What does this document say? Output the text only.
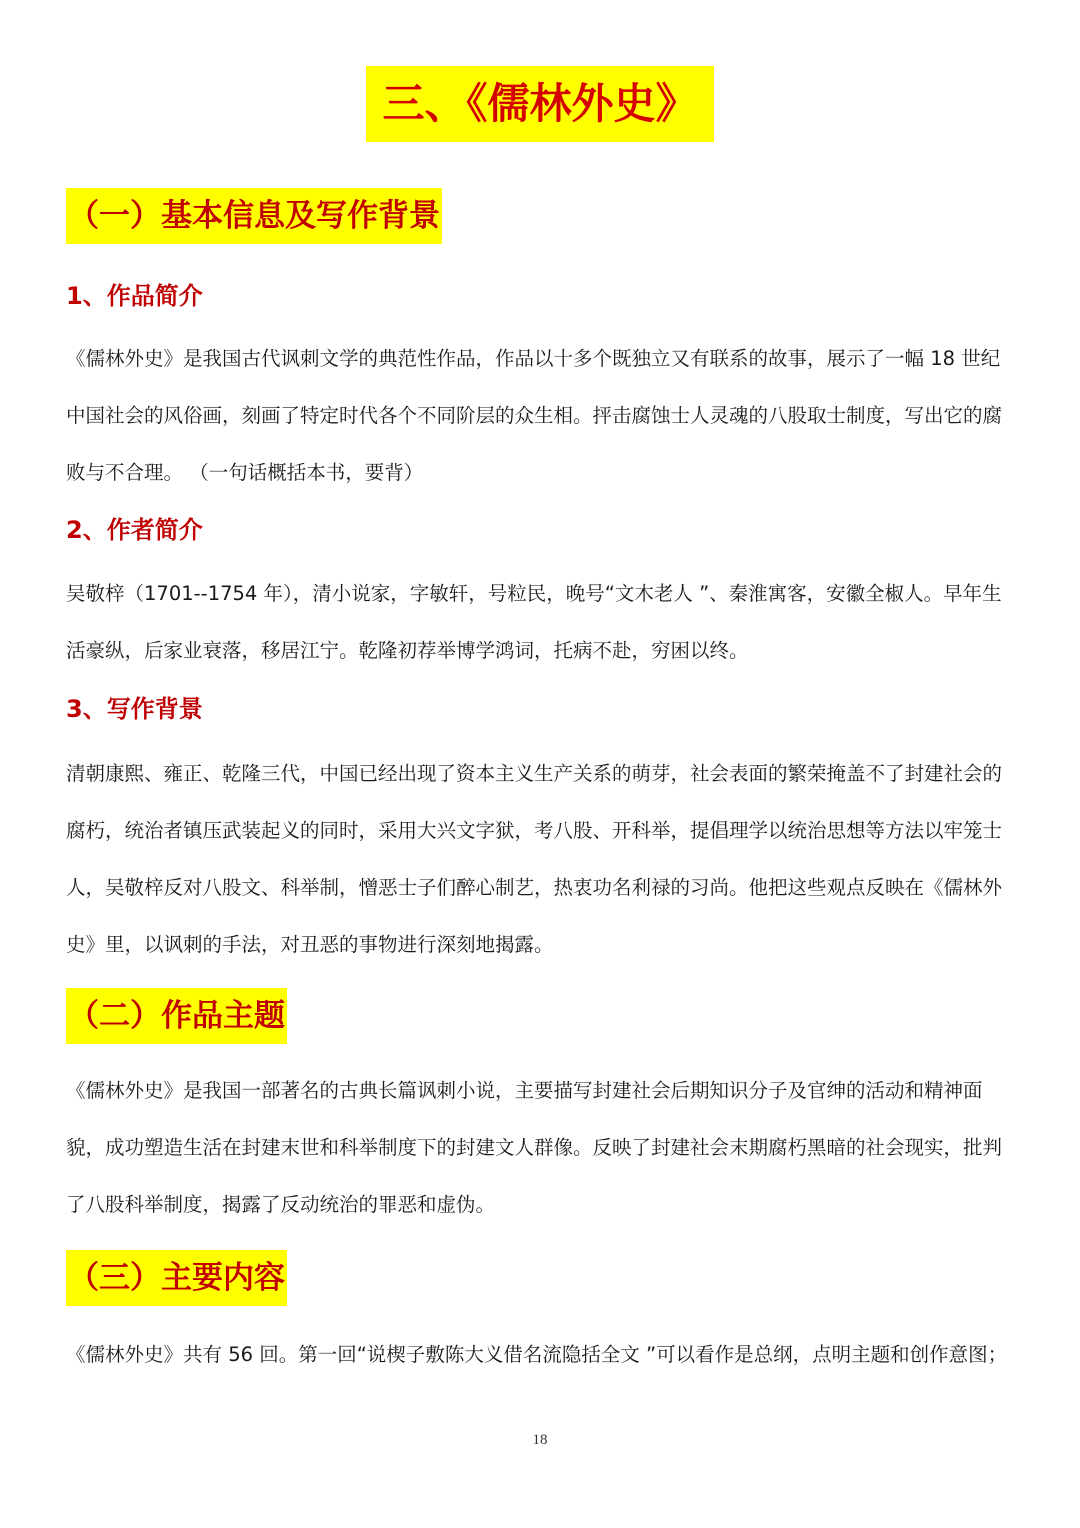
三、《儒林外史》
（一）基本信息及写作背景
1、作品简介

《儒林外史》是我国古代讽刺文学的典范性作品，作品以十多个既独立又有联系的故事，展示了一幅 18 世纪中国社会的风俗画，刻画了特定时代各个不同阶层的众生相。抨击腐蚀士人灵魂的八股取士制度，写出它的腐败与不合理。 （一句话概括本书，要背）

2、作者简介

吴敬梓（1701--1754 年），清小说家，字敏轩，号粒民，晚号“文木老人 ”、秦淮寓客，安徽全椒人。早年生活豪纵，后家业衰落，移居江宁。乾隆初荐举博学鸿词，托病不赴，穷困以终。

3、写作背景

清朝康熙、雍正、乾隆三代，中国已经出现了资本主义生产关系的萌芽，社会表面的繁荣掩盖不了封建社会的腐朽，统治者镇压武装起义的同时，采用大兴文字狱，考八股、开科举，提倡理学以统治思想等方法以牢笼士人，吴敬梓反对八股文、科举制，憎恶士子们醉心制艺，热衷功名利禄的习尚。他把这些观点反映在《儒林外史》里，以讽刺的手法，对丑恶的事物进行深刻地揭露。

（二）作品主题

《儒林外史》是我国一部著名的古典长篇讽刺小说，主要描写封建社会后期知识分子及官绅的活动和精神面貌，成功塑造生活在封建末世和科举制度下的封建文人群像。反映了封建社会末期腐朽黑暗的社会现实，批判了八股科举制度，揭露了反动统治的罪恶和虚伪。

（三）主要内容

《儒林外史》共有 56 回。第一回“说楔子敷陈大义借名流隐括全文 ”可以看作是总纲，点明主题和创作意图；

18
